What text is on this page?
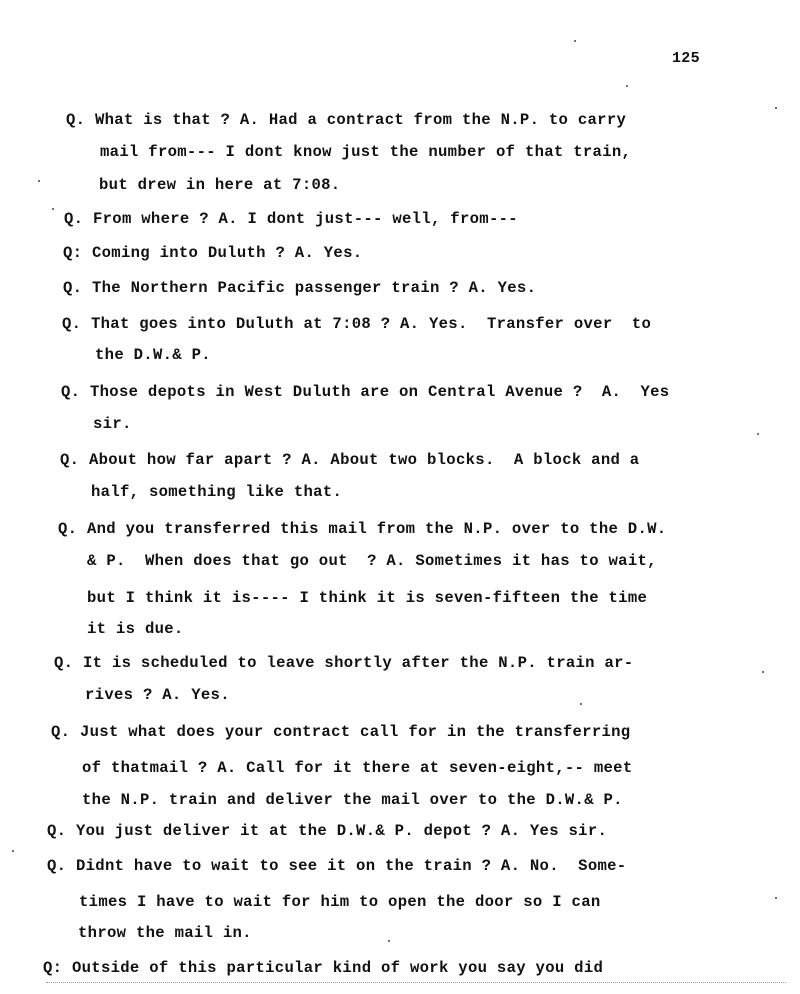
125
Q. What is that ? A. Had a contract from the N.P. to carry
mail from--- I dont know just the number of that train,
but drew in here at 7:08.
Q. From where ? A. I dont just--- well, from---
Q: Coming into Duluth ? A. Yes.
Q. The Northern Pacific passenger train ? A. Yes.
Q. That goes into Duluth at 7:08 ? A. Yes.  Transfer over  to
the D.W.& P.
Q. Those depots in West Duluth are on Central Avenue ?  A.  Yes
sir.
Q. About how far apart ? A. About two blocks.  A block and a
half, something like that.
Q. And you transferred this mail from the N.P. over to the D.W.
& P.  When does that go out  ? A. Sometimes it has to wait,
but I think it is---- I think it is seven-fifteen the time
it is due.
Q. It is scheduled to leave shortly after the N.P. train ar-
rives ? A. Yes.
Q. Just what does your contract call for in the transferring
of thatmail ? A. Call for it there at seven-eight,-- meet
the N.P. train and deliver the mail over to the D.W.& P.
Q. You just deliver it at the D.W.& P. depot ? A. Yes sir.
Q. Didnt have to wait to see it on the train ? A. No.  Some-
times I have to wait for him to open the door so I can
throw the mail in.
Q: Outside of this particular kind of work you say you did
